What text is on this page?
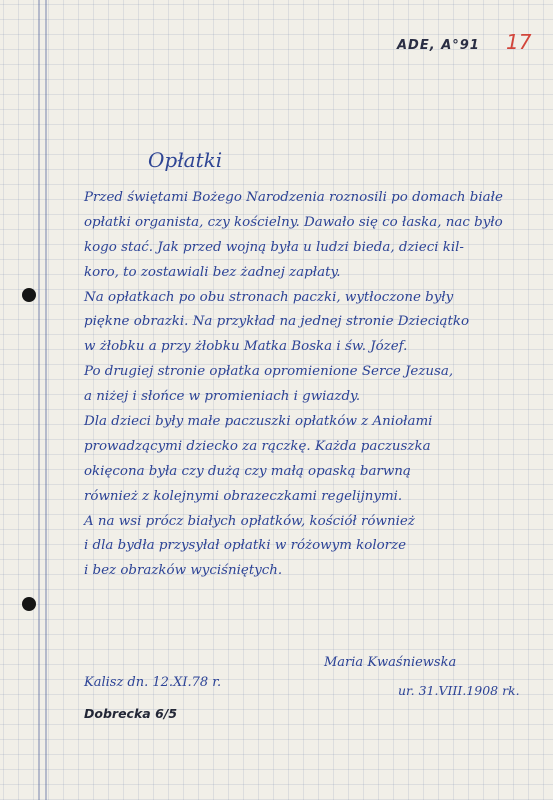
ADE, A°91 17
Opłatki
Przed świętami Bożego Narodzenia roznosili po domach białe
opłatki organista, czy kościelny. Dawało się co łaska, nac było
kogo stać. Jak przed wojną była u ludzi bieda, dzieci kil-
koro, to zostawiali bez żadnej zapłaty.
Na opłatkach po obu stronach paczki, wytłoczone były
piękne obrazki. Na przykład na jednej stronie Dzieciątko
w żłobku a przy żłobku Matka Boska i św. Józef.
Po drugiej stronie opłatka opromienione Serce Jezusa,
a niżej i słońce w promieniach i gwiazdy.
Dla dzieci były małe paczuszki opłatków z Aniołami
prowadzącymi dziecko za rączkę. Każda paczuszka
okięcona była czy dużą czy małą opaską barwną
również z kolejnymi obrazeczkami regelijnymi.
A na wsi prócz białych opłatków, kościół również
i dla bydła przysyłał opłatki w różowym kolorze
i bez obrazków wyciśniętych.
Kalisz dn. 12.XI.78 r.
Dobrecka 6/5
Maria Kwaśniewska
ur. 31.VIII.1908 rk.
